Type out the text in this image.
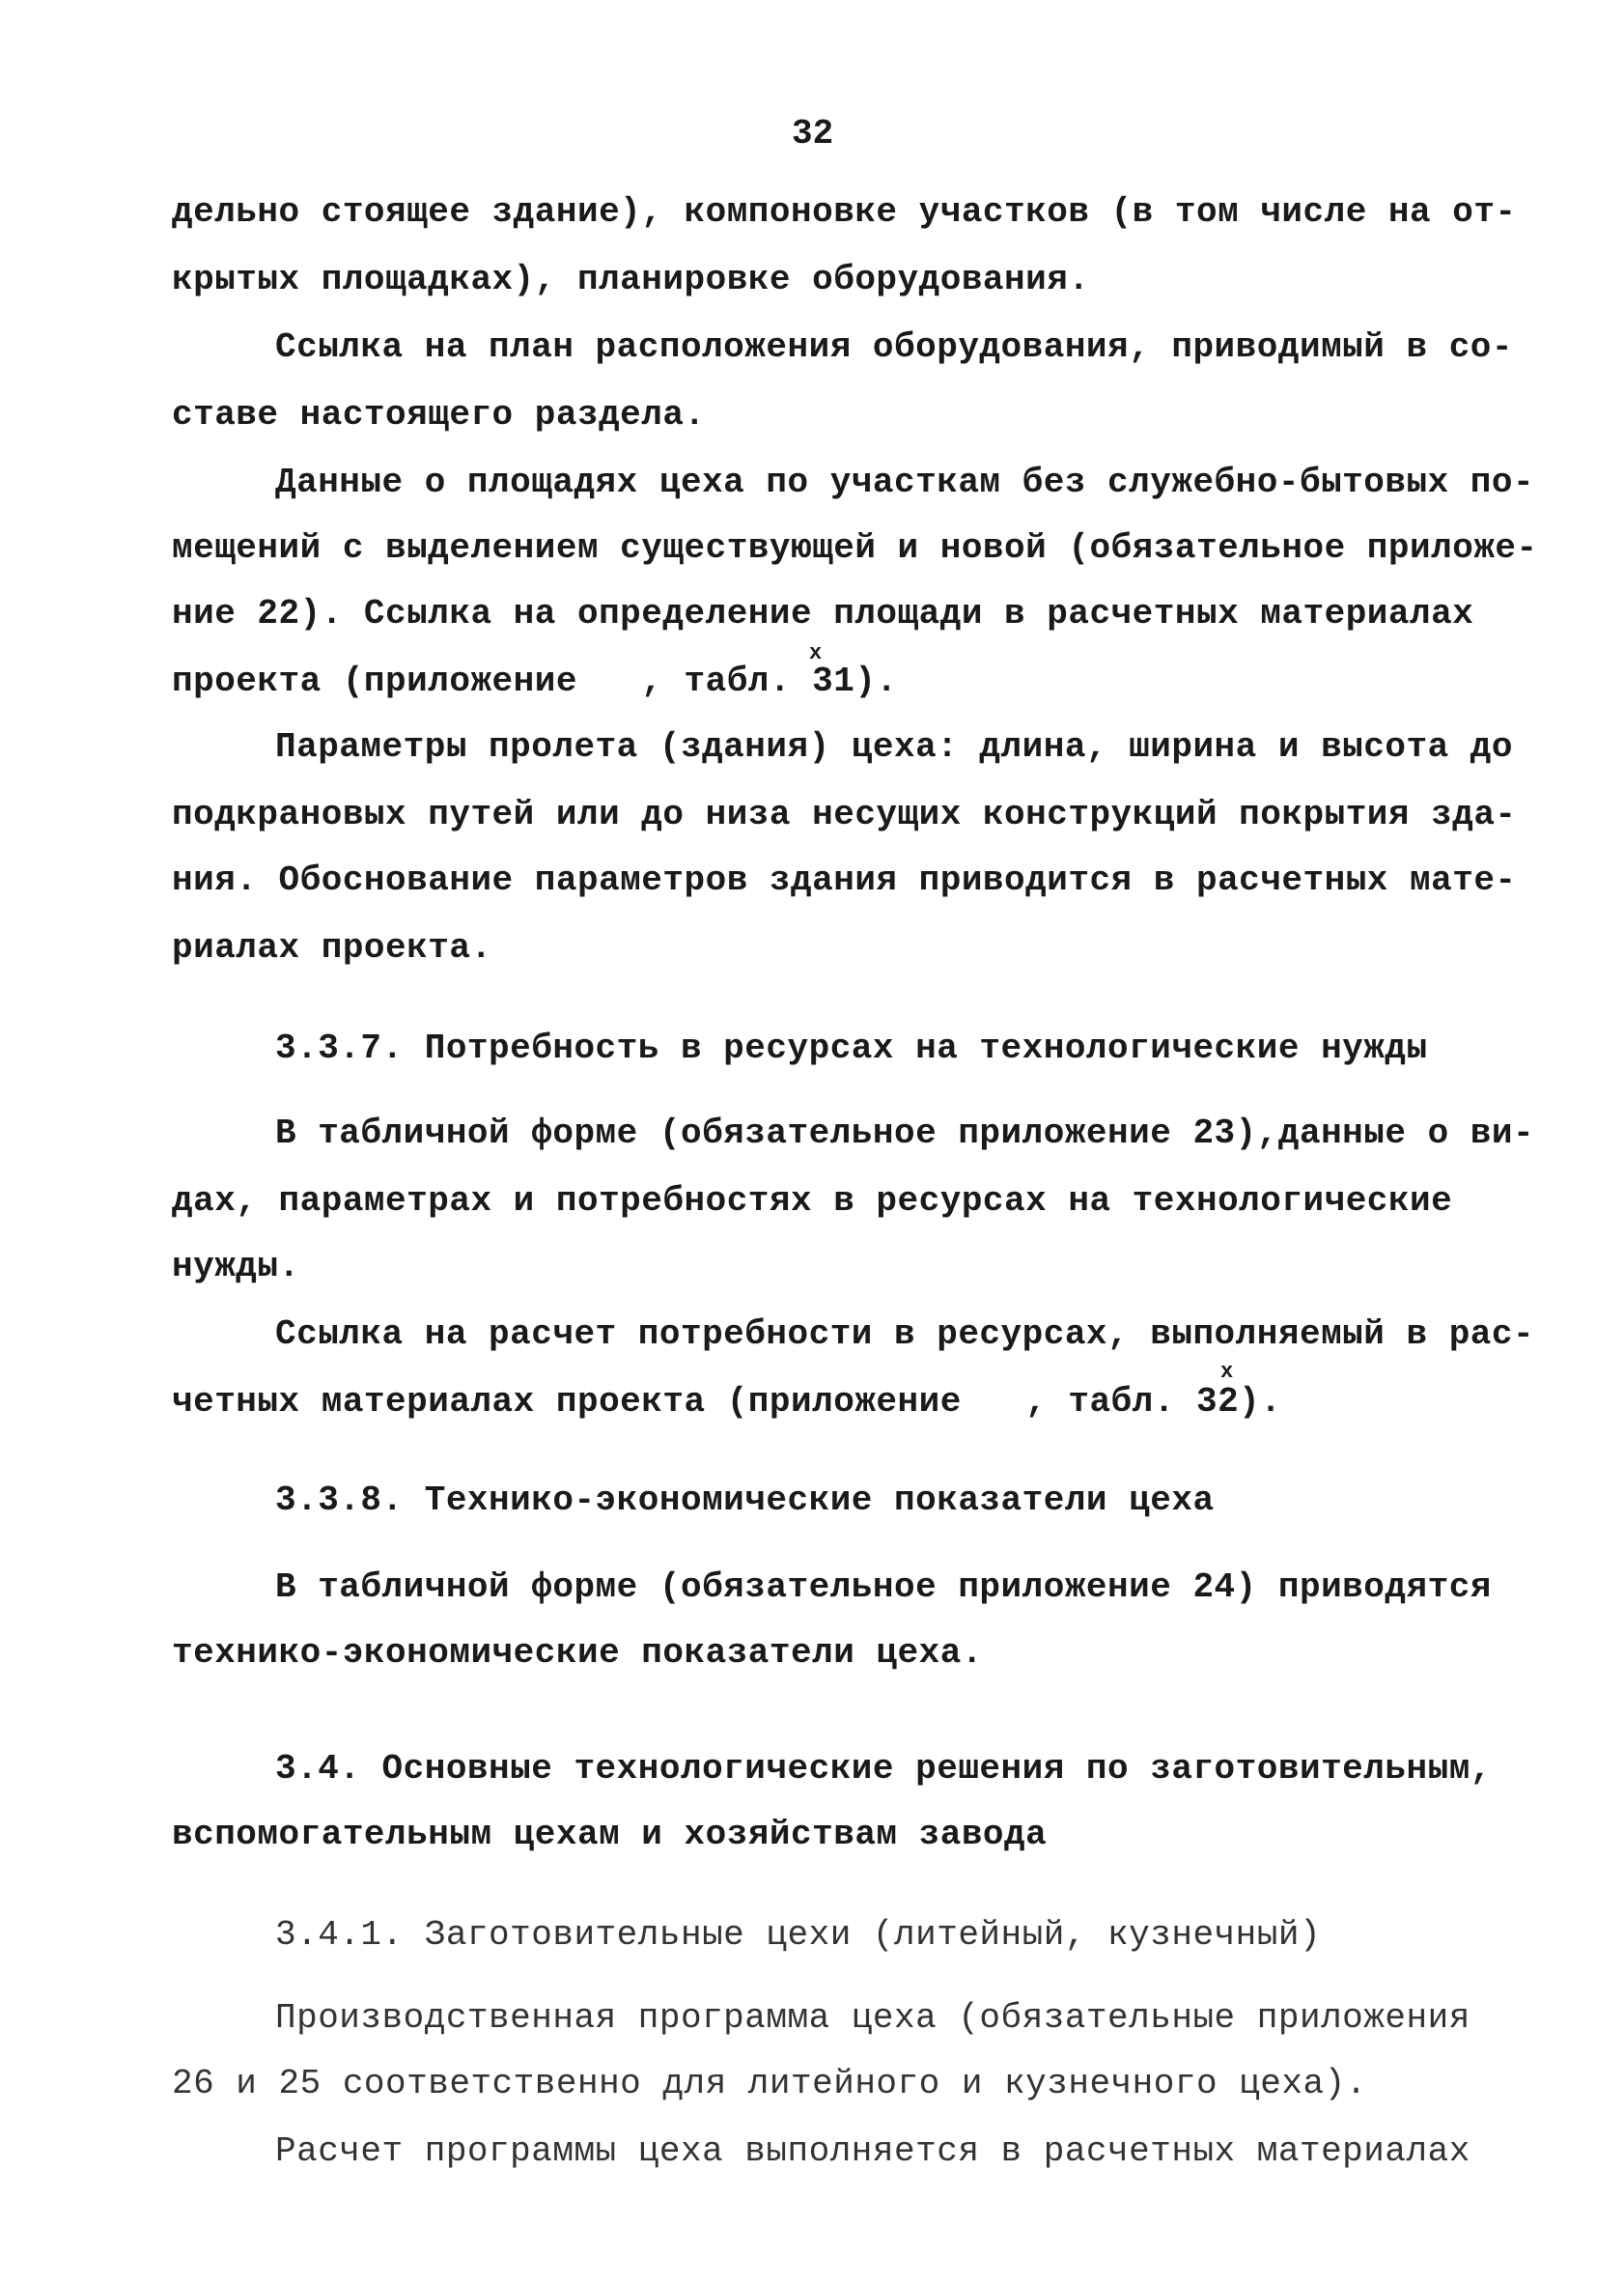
32
дельно стоящее здание), компоновке участков (в том числе на от-
крытых площадках), планировке оборудования.
Ссылка на план расположения оборудования, приводимый в со-
ставе настоящего раздела.
Данные о площадях цеха по участкам без служебно-бытовых по-
мещений с выделением существующей и новой (обязательное приложе-
ние 22). Ссылка на определение площади в расчетных материалах
проекта (приложение   , табл. 31).
x
Параметры пролета (здания) цеха: длина, ширина и высота до
подкрановых путей или до низа несущих конструкций покрытия зда-
ния. Обоснование параметров здания приводится в расчетных мате-
риалах проекта.
3.3.7. Потребность в ресурсах на технологические нужды
В табличной форме (обязательное приложение 23),данные о ви-
дах, параметрах и потребностях в ресурсах на технологические
нужды.
Ссылка на расчет потребности в ресурсах, выполняемый в рас-
четных материалах проекта (приложение   , табл. 32).
x
3.3.8. Технико-экономические показатели цеха
В табличной форме (обязательное приложение 24) приводятся
технико-экономические показатели цеха.
3.4. Основные технологические решения по заготовительным,
вспомогательным цехам и хозяйствам завода
3.4.1. Заготовительные цехи (литейный, кузнечный)
Производственная программа цеха (обязательные приложения
26 и 25 соответственно для литейного и кузнечного цеха).
Расчет программы цеха выполняется в расчетных материалах
